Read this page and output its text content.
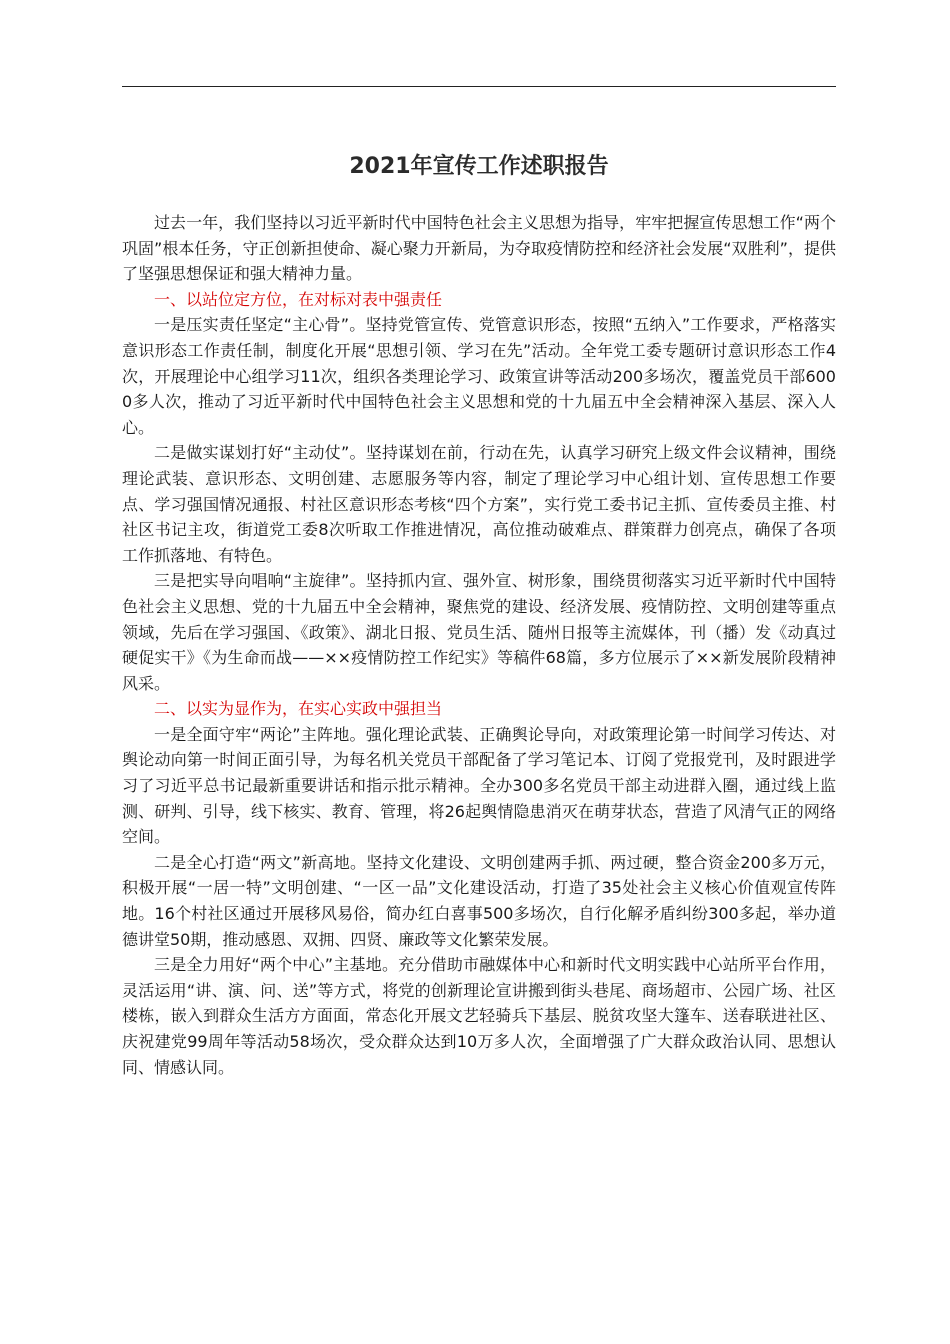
2021年宣传工作述职报告

过去一年，我们坚持以习近平新时代中国特色社会主义思想为指导，牢牢把握宣传思想工作“两个巩固”根本任务，守正创新担使命、凝心聚力开新局，为夺取疫情防控和经济社会发展“双胜利”，提供了坚强思想保证和强大精神力量。

一、以站位定方位，在对标对表中强责任

一是压实责任坚定“主心骨”。坚持党管宣传、党管意识形态，按照“五纳入”工作要求，严格落实意识形态工作责任制，制度化开展“思想引领、学习在先”活动。全年党工委专题研讨意识形态工作4次，开展理论中心组学习11次，组织各类理论学习、政策宣讲等活动200多场次，覆盖党员干部6000多人次，推动了习近平新时代中国特色社会主义思想和党的十九届五中全会精神深入基层、深入人心。

二是做实谋划打好“主动仗”。坚持谋划在前，行动在先，认真学习研究上级文件会议精神，围绕理论武装、意识形态、文明创建、志愿服务等内容，制定了理论学习中心组计划、宣传思想工作要点、学习强国情况通报、村社区意识形态考核“四个方案”，实行党工委书记主抓、宣传委员主推、村社区书记主攻，街道党工委8次听取工作推进情况，高位推动破难点、群策群力创亮点，确保了各项工作抓落地、有特色。

三是把实导向唱响“主旋律”。坚持抓内宣、强外宣、树形象，围绕贯彻落实习近平新时代中国特色社会主义思想、党的十九届五中全会精神，聚焦党的建设、经济发展、疫情防控、文明创建等重点领域，先后在学习强国、《政策》、湖北日报、党员生活、随州日报等主流媒体，刊（播）发《动真过硬促实干》《为生命而战——××疫情防控工作纪实》等稿件68篇，多方位展示了××新发展阶段精神风采。

二、以实为显作为，在实心实政中强担当

一是全面守牢“两论”主阵地。强化理论武装、正确舆论导向，对政策理论第一时间学习传达、对舆论动向第一时间正面引导，为每名机关党员干部配备了学习笔记本、订阅了党报党刊，及时跟进学习了习近平总书记最新重要讲话和指示批示精神。全办300多名党员干部主动进群入圈，通过线上监测、研判、引导，线下核实、教育、管理，将26起舆情隐患消灭在萌芽状态，营造了风清气正的网络空间。

二是全心打造“两文”新高地。坚持文化建设、文明创建两手抓、两过硬，整合资金200多万元，积极开展“一居一特”文明创建、“一区一品”文化建设活动，打造了35处社会主义核心价值观宣传阵地。16个村社区通过开展移风易俗，简办红白喜事500多场次，自行化解矛盾纠纷300多起，举办道德讲堂50期，推动感恩、双拥、四贤、廉政等文化繁荣发展。

三是全力用好“两个中心”主基地。充分借助市融媒体中心和新时代文明实践中心站所平台作用，灵活运用“讲、演、问、送”等方式，将党的创新理论宣讲搬到街头巷尾、商场超市、公园广场、社区楼栋，嵌入到群众生活方方面面，常态化开展文艺轻骑兵下基层、脱贫攻坚大篷车、送春联进社区、庆祝建党99周年等活动58场次，受众群众达到10万多人次，全面增强了广大群众政治认同、思想认同、情感认同。
